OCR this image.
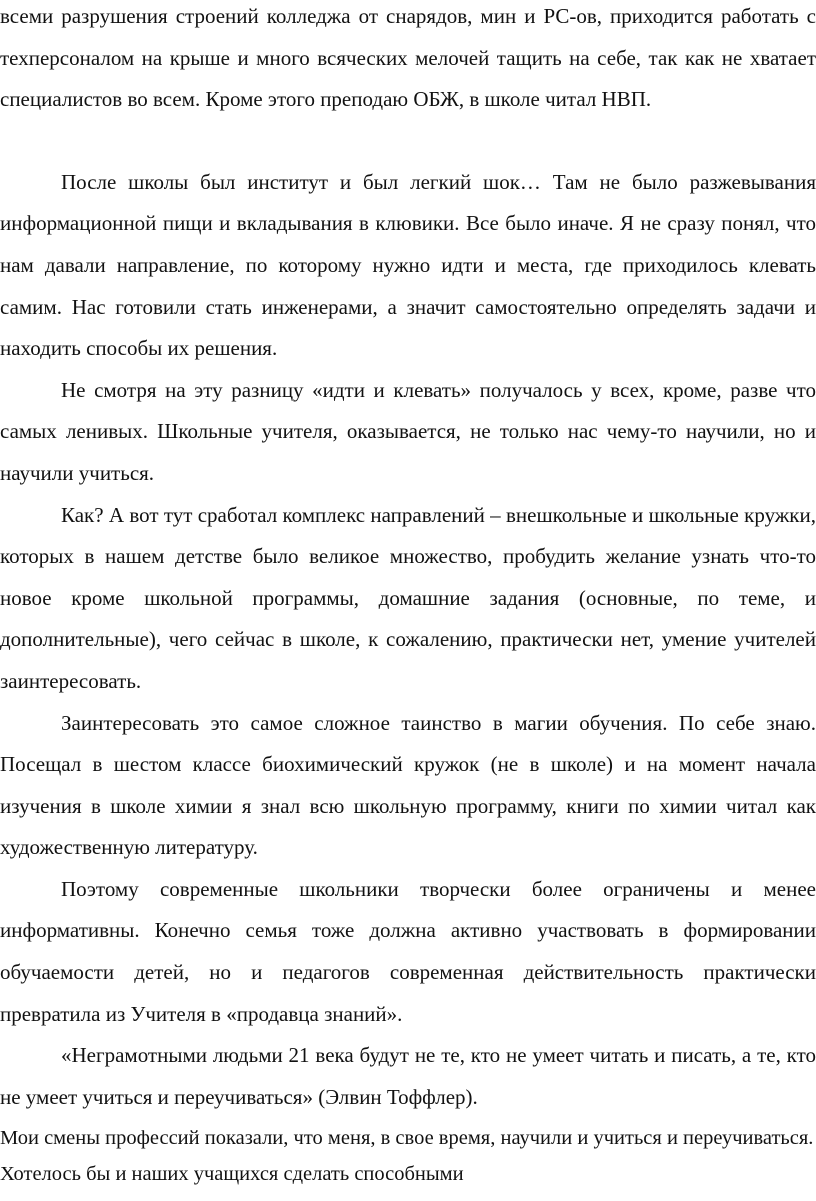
всеми разрушения строений колледжа от снарядов, мин и РС-ов, приходится работать с техперсоналом на крыше и много всяческих мелочей тащить на себе, так как не хватает специалистов во всем. Кроме этого преподаю ОБЖ, в школе читал НВП.

После школы был институт и был легкий шок… Там не было разжевывания информационной пищи и вкладывания в клювики. Все было иначе. Я не сразу понял, что нам давали направление, по которому нужно идти и места, где приходилось клевать самим. Нас готовили стать инженерами, а значит самостоятельно определять задачи и находить способы их решения.

Не смотря на эту разницу «идти и клевать» получалось у всех, кроме, разве что самых ленивых. Школьные учителя, оказывается, не только нас чему-то научили, но и научили учиться.

Как? А вот тут сработал комплекс направлений – внешкольные и школьные кружки, которых в нашем детстве было великое множество, пробудить желание узнать что-то новое кроме школьной программы, домашние задания (основные, по теме, и дополнительные), чего сейчас в школе, к сожалению, практически нет, умение учителей заинтересовать.

Заинтересовать это самое сложное таинство в магии обучения. По себе знаю. Посещал в шестом классе биохимический кружок (не в школе) и на момент начала изучения в школе химии я знал всю школьную программу, книги по химии читал как художественную литературу.

Поэтому современные школьники творчески более ограничены и менее информативны. Конечно семья тоже должна активно участвовать в формировании обучаемости детей, но и педагогов современная действительность практически превратила из Учителя в «продавца знаний».

«Неграмотными людьми 21 века будут не те, кто не умеет читать и писать, а те, кто не умеет учиться и переучиваться» (Элвин Тоффлер).

Мои смены профессий показали, что меня, в свое время, научили и учиться и переучиваться. Хотелось бы и наших учащихся сделать способными
